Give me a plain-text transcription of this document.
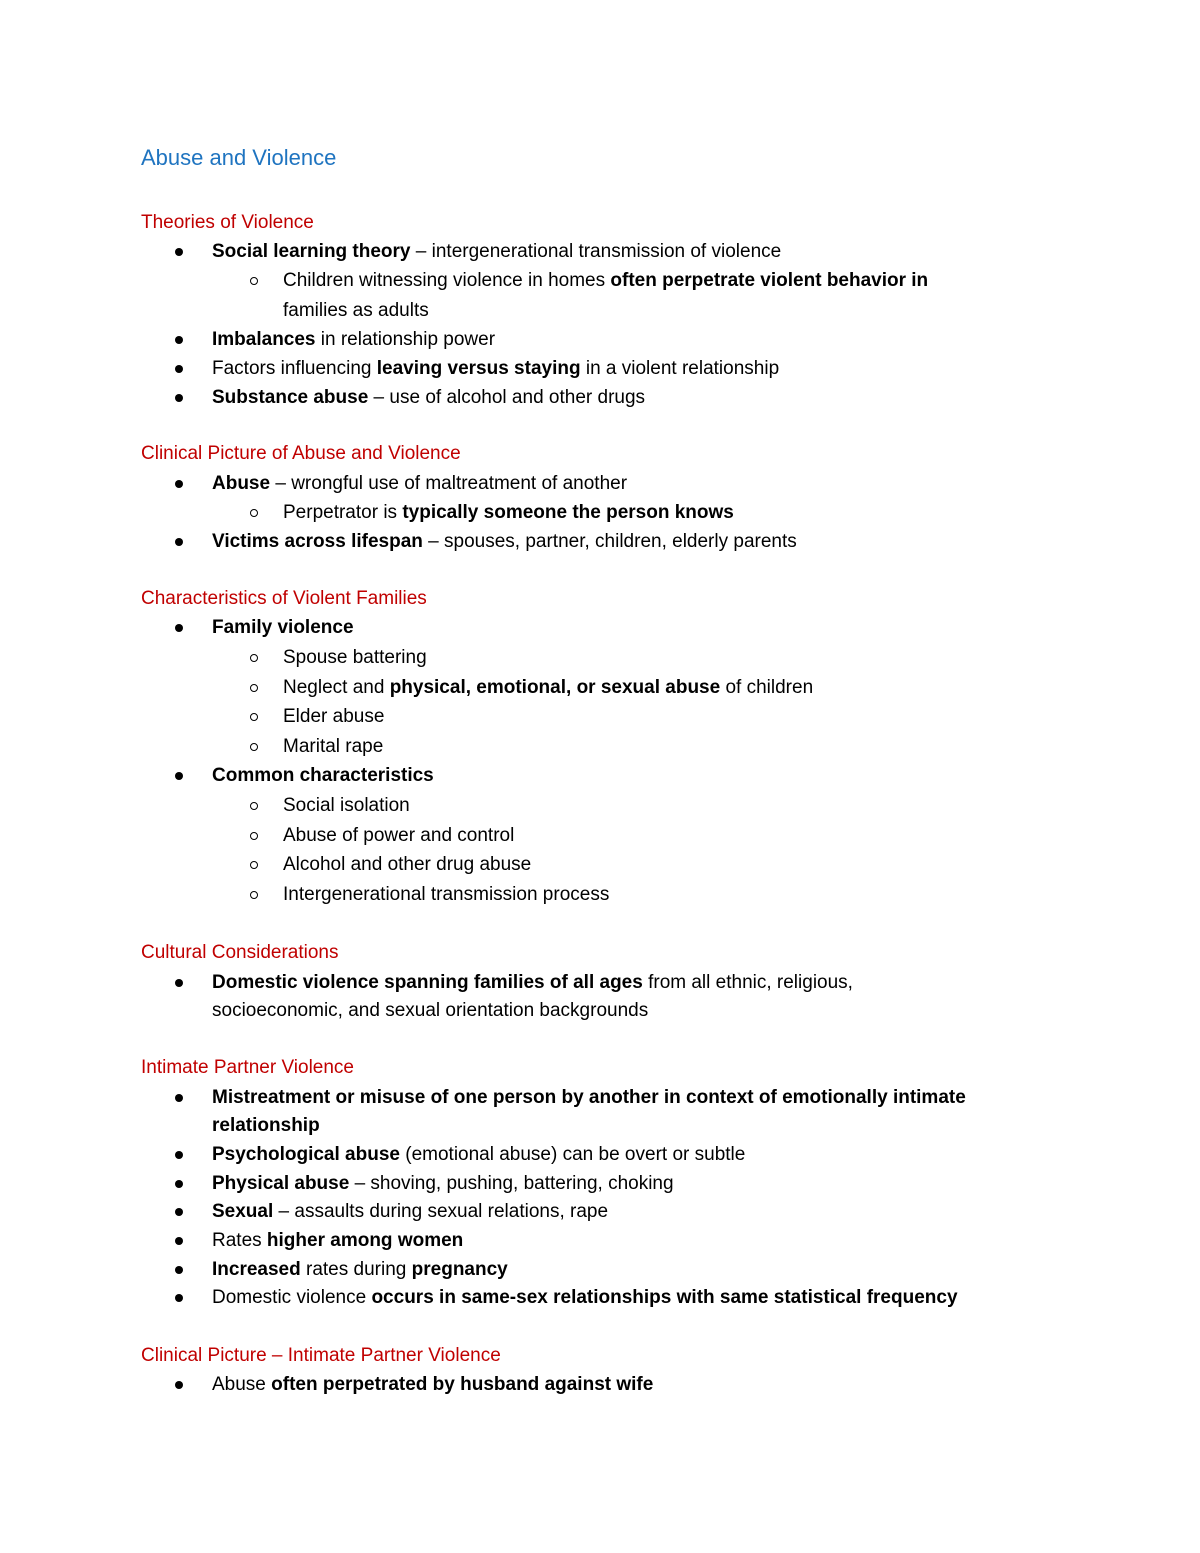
Abuse and Violence
Theories of Violence
Social learning theory – intergenerational transmission of violence
Children witnessing violence in homes often perpetrate violent behavior in
families as adults
Imbalances in relationship power
Factors influencing leaving versus staying in a violent relationship
Substance abuse – use of alcohol and other drugs
Clinical Picture of Abuse and Violence
Abuse – wrongful use of maltreatment of another
Perpetrator is typically someone the person knows
Victims across lifespan – spouses, partner, children, elderly parents
Characteristics of Violent Families
Family violence
Spouse battering
Neglect and physical, emotional, or sexual abuse of children
Elder abuse
Marital rape
Common characteristics
Social isolation
Abuse of power and control
Alcohol and other drug abuse
Intergenerational transmission process
Cultural Considerations
Domestic violence spanning families of all ages from all ethnic, religious,
socioeconomic, and sexual orientation backgrounds
Intimate Partner Violence
Mistreatment or misuse of one person by another in context of emotionally intimate
relationship
Psychological abuse (emotional abuse) can be overt or subtle
Physical abuse – shoving, pushing, battering, choking
Sexual – assaults during sexual relations, rape
Rates higher among women
Increased rates during pregnancy
Domestic violence occurs in same-sex relationships with same statistical frequency
Clinical Picture – Intimate Partner Violence
Abuse often perpetrated by husband against wife
